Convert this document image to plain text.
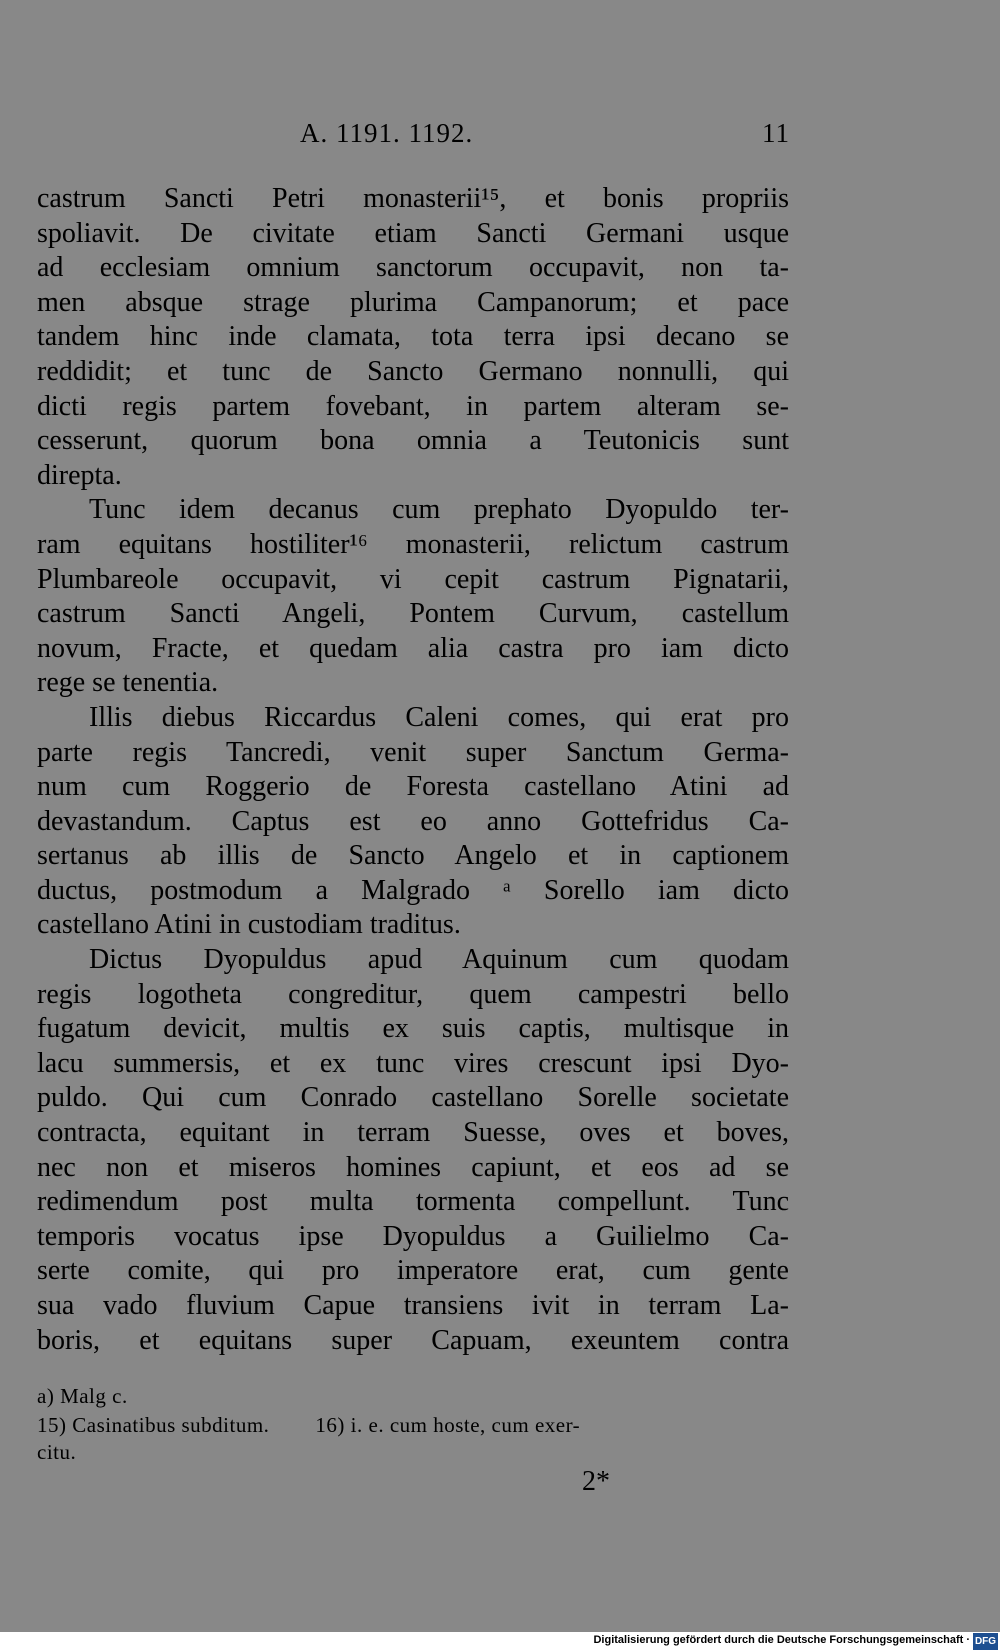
A. 1191. 1192.	11
castrum Sancti Petri monasterii¹⁵, et bonis propriis
spoliavit. De civitate etiam Sancti Germani usque
ad ecclesiam omnium sanctorum occupavit, non ta-
men absque strage plurima Campanorum; et pace
tandem hinc inde clamata, tota terra ipsi decano se
reddidit; et tunc de Sancto Germano nonnulli, qui
dicti regis partem fovebant, in partem alteram se-
cesserunt, quorum bona omnia a Teutonicis sunt
direpta.
Tunc idem decanus cum prephato Dyopuldo ter-
ram equitans hostiliter¹⁶ monasterii, relictum castrum
Plumbareole occupavit, vi cepit castrum Pignatarii,
castrum Sancti Angeli, Pontem Curvum, castellum
novum, Fracte, et quedam alia castra pro iam dicto
rege se tenentia.
Illis diebus Riccardus Caleni comes, qui erat pro
parte regis Tancredi, venit super Sanctum Germa-
num cum Roggerio de Foresta castellano Atini ad
devastandum. Captus est eo anno Gottefridus Ca-
sertanus ab illis de Sancto Angelo et in captionem
ductus, postmodum a Malgrado ᵃ Sorello iam dicto
castellano Atini in custodiam traditus.
Dictus Dyopuldus apud Aquinum cum quodam
regis logotheta congreditur, quem campestri bello
fugatum devicit, multis ex suis captis, multisque in
lacu summersis, et ex tunc vires crescunt ipsi Dyo-
puldo. Qui cum Conrado castellano Sorelle societate
contracta, equitant in terram Suesse, oves et boves,
nec non et miseros homines capiunt, et eos ad se
redimendum post multa tormenta compellunt. Tunc
temporis vocatus ipse Dyopuldus a Guilielmo Ca-
serte comite, qui pro imperatore erat, cum gente
sua vado fluvium Capue transiens ivit in terram La-
boris, et equitans super Capuam, exeuntem contra
a) Malg c.
15) Casinatibus subditum. 16) i. e. cum hoste, cum exer-
citu.
2*
Digitalisierung gefördert durch die Deutsche Forschungsgemeinschaft · DFG
